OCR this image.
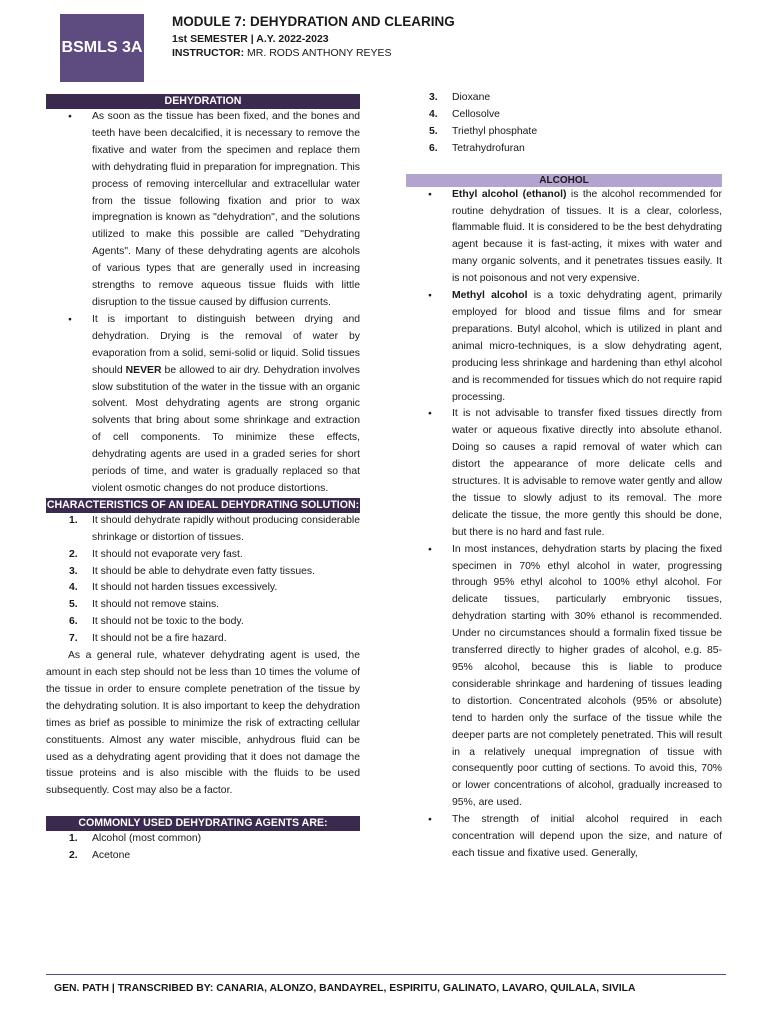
BSMLS 3A
MODULE 7: DEHYDRATION AND CLEARING
1st SEMESTER | A.Y. 2022-2023
INSTRUCTOR: MR. RODS ANTHONY REYES
DEHYDRATION
● As soon as the tissue has been fixed, and the bones and teeth have been decalcified, it is necessary to remove the fixative and water from the specimen and replace them with dehydrating fluid in preparation for impregnation. This process of removing intercellular and extracellular water from the tissue following fixation and prior to wax impregnation is known as "dehydration", and the solutions utilized to make this possible are called "Dehydrating Agents". Many of these dehydrating agents are alcohols of various types that are generally used in increasing strengths to remove aqueous tissue fluids with little disruption to the tissue caused by diffusion currents.
● It is important to distinguish between drying and dehydration. Drying is the removal of water by evaporation from a solid, semi-solid or liquid. Solid tissues should NEVER be allowed to air dry. Dehydration involves slow substitution of the water in the tissue with an organic solvent. Most dehydrating agents are strong organic solvents that bring about some shrinkage and extraction of cell components. To minimize these effects, dehydrating agents are used in a graded series for short periods of time, and water is gradually replaced so that violent osmotic changes do not produce distortions.
CHARACTERISTICS OF AN IDEAL DEHYDRATING SOLUTION:
1. It should dehydrate rapidly without producing considerable shrinkage or distortion of tissues.
2. It should not evaporate very fast.
3. It should be able to dehydrate even fatty tissues.
4. It should not harden tissues excessively.
5. It should not remove stains.
6. It should not be toxic to the body.
7. It should not be a fire hazard.

As a general rule, whatever dehydrating agent is used, the amount in each step should not be less than 10 times the volume of the tissue in order to ensure complete penetration of the tissue by the dehydrating solution. It is also important to keep the dehydration times as brief as possible to minimize the risk of extracting cellular constituents. Almost any water miscible, anhydrous fluid can be used as a dehydrating agent providing that it does not damage the tissue proteins and is also miscible with the fluids to be used subsequently. Cost may also be a factor.

COMMONLY USED DEHYDRATING AGENTS ARE:
1. Alcohol (most common)
2. Acetone
3. Dioxane
4. Cellosolve
5. Triethyl phosphate
6. Tetrahydrofuran
ALCOHOL
● Ethyl alcohol (ethanol) is the alcohol recommended for routine dehydration of tissues. It is a clear, colorless, flammable fluid. It is considered to be the best dehydrating agent because it is fast-acting, it mixes with water and many organic solvents, and it penetrates tissues easily. It is not poisonous and not very expensive.
● Methyl alcohol is a toxic dehydrating agent, primarily employed for blood and tissue films and for smear preparations. Butyl alcohol, which is utilized in plant and animal micro-techniques, is a slow dehydrating agent, producing less shrinkage and hardening than ethyl alcohol and is recommended for tissues which do not require rapid processing.
● It is not advisable to transfer fixed tissues directly from water or aqueous fixative directly into absolute ethanol. Doing so causes a rapid removal of water which can distort the appearance of more delicate cells and structures. It is advisable to remove water gently and allow the tissue to slowly adjust to its removal. The more delicate the tissue, the more gently this should be done, but there is no hard and fast rule.
● In most instances, dehydration starts by placing the fixed specimen in 70% ethyl alcohol in water, progressing through 95% ethyl alcohol to 100% ethyl alcohol. For delicate tissues, particularly embryonic tissues, dehydration starting with 30% ethanol is recommended. Under no circumstances should a formalin fixed tissue be transferred directly to higher grades of alcohol, e.g. 85-95% alcohol, because this is liable to produce considerable shrinkage and hardening of tissues leading to distortion. Concentrated alcohols (95% or absolute) tend to harden only the surface of the tissue while the deeper parts are not completely penetrated. This will result in a relatively unequal impregnation of tissue with consequently poor cutting of sections. To avoid this, 70% or lower concentrations of alcohol, gradually increased to 95%, are used.
● The strength of initial alcohol required in each concentration will depend upon the size, and nature of each tissue and fixative used. Generally,
GEN. PATH | TRANSCRIBED BY: CANARIA, ALONZO, BANDAYREL, ESPIRITU, GALINATO, LAVARO, QUILALA, SIVILA
